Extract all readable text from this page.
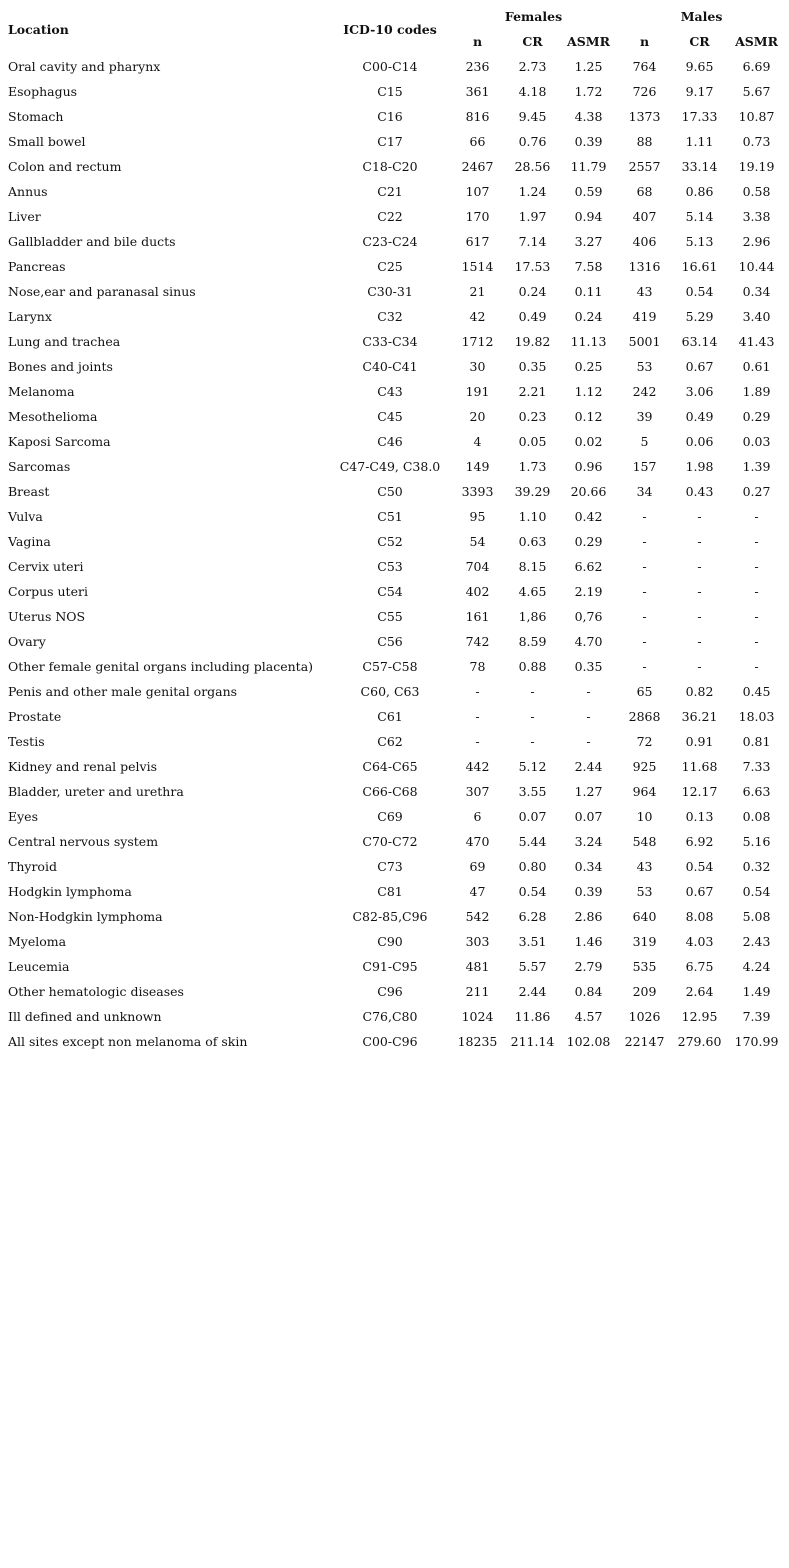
Location	ICD-10 codes	Females			Males		
		n	CR	ASMR	n	CR	ASMR
Oral cavity and pharynx	C00-C14	236	2.73	1.25	764	9.65	6.69
Esophagus	C15	361	4.18	1.72	726	9.17	5.67
Stomach	C16	816	9.45	4.38	1373	17.33	10.87
Small bowel	C17	66	0.76	0.39	88	1.11	0.73
Colon and rectum	C18-C20	2467	28.56	11.79	2557	33.14	19.19
Annus	C21	107	1.24	0.59	68	0.86	0.58
Liver	C22	170	1.97	0.94	407	5.14	3.38
Gallbladder and bile ducts	C23-C24	617	7.14	3.27	406	5.13	2.96
Pancreas	C25	1514	17.53	7.58	1316	16.61	10.44
Nose,ear and paranasal sinus	C30-31	21	0.24	0.11	43	0.54	0.34
Larynx	C32	42	0.49	0.24	419	5.29	3.40
Lung and trachea	C33-C34	1712	19.82	11.13	5001	63.14	41.43
Bones and joints	C40-C41	30	0.35	0.25	53	0.67	0.61
Melanoma	C43	191	2.21	1.12	242	3.06	1.89
Mesothelioma	C45	20	0.23	0.12	39	0.49	0.29
Kaposi Sarcoma	C46	4	0.05	0.02	5	0.06	0.03
Sarcomas	C47-C49, C38.0	149	1.73	0.96	157	1.98	1.39
Breast	C50	3393	39.29	20.66	34	0.43	0.27
Vulva	C51	95	1.10	0.42	-	-	-
Vagina	C52	54	0.63	0.29	-	-	-
Cervix uteri	C53	704	8.15	6.62	-	-	-
Corpus uteri	C54	402	4.65	2.19	-	-	-
Uterus NOS	C55	161	1,86	0,76	-	-	-
Ovary	C56	742	8.59	4.70	-	-	-
Other female genital organs including placenta)	C57-C58	78	0.88	0.35	-	-	-
Penis and other male genital organs	C60, C63	-	-	-	65	0.82	0.45
Prostate	C61	-	-	-	2868	36.21	18.03
Testis	C62	-	-	-	72	0.91	0.81
Kidney and renal pelvis	C64-C65	442	5.12	2.44	925	11.68	7.33
Bladder, ureter and urethra	C66-C68	307	3.55	1.27	964	12.17	6.63
Eyes	C69	6	0.07	0.07	10	0.13	0.08
Central nervous system	C70-C72	470	5.44	3.24	548	6.92	5.16
Thyroid	C73	69	0.80	0.34	43	0.54	0.32
Hodgkin lymphoma	C81	47	0.54	0.39	53	0.67	0.54
Non-Hodgkin lymphoma	C82-85,C96	542	6.28	2.86	640	8.08	5.08
Myeloma	C90	303	3.51	1.46	319	4.03	2.43
Leucemia	C91-C95	481	5.57	2.79	535	6.75	4.24
Other hematologic diseases	C96	211	2.44	0.84	209	2.64	1.49
Ill defined and unknown	C76,C80	1024	11.86	4.57	1026	12.95	7.39
All sites except non melanoma of skin	C00-C96	18235	211.14	102.08	22147	279.60	170.99
